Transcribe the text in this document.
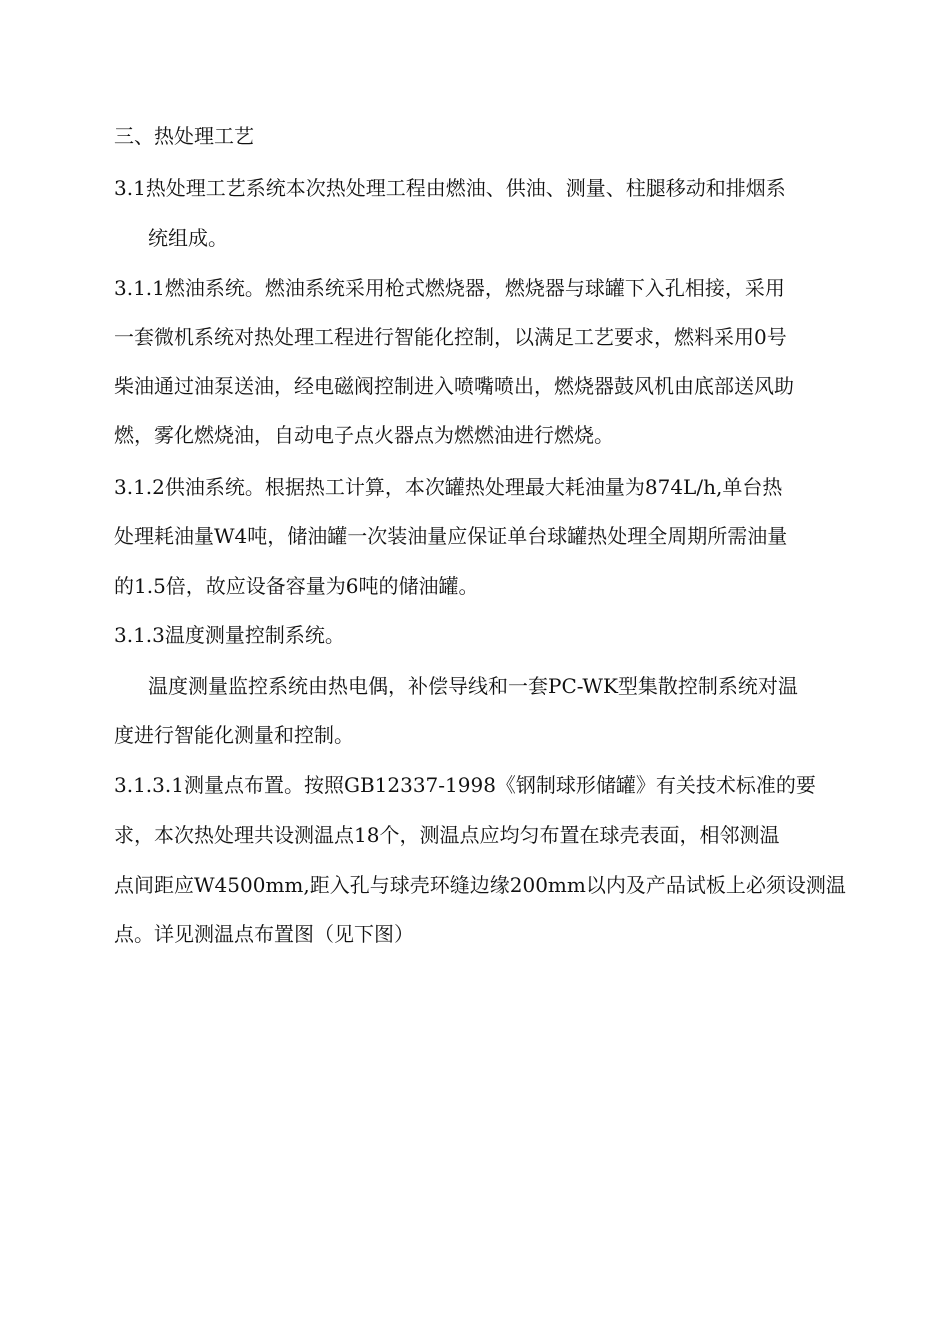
三、热处理工艺
3.1热处理工艺系统本次热处理工程由燃油、供油、测量、柱腿移动和排烟系
统组成。
3.1.1燃油系统。燃油系统采用枪式燃烧器，燃烧器与球罐下入孔相接，采用
一套微机系统对热处理工程进行智能化控制，以满足工艺要求，燃料采用0号
柴油通过油泵送油，经电磁阀控制进入喷嘴喷出，燃烧器鼓风机由底部送风助
燃，雾化燃烧油，自动电子点火器点为燃燃油进行燃烧。
3.1.2供油系统。根据热工计算，本次罐热处理最大耗油量为874L/h,单台热
处理耗油量W4吨，储油罐一次装油量应保证单台球罐热处理全周期所需油量
的1.5倍，故应设备容量为6吨的储油罐。
3.1.3温度测量控制系统。
温度测量监控系统由热电偶，补偿导线和一套PC-WK型集散控制系统对温
度进行智能化测量和控制。
3.1.3.1测量点布置。按照GB12337-1998《钢制球形储罐》有关技术标准的要
求，本次热处理共设测温点18个，测温点应均匀布置在球壳表面，相邻测温
点间距应W4500mm,距入孔与球壳环缝边缘200mm以内及产品试板上必须设测温
点。详见测温点布置图（见下图）
